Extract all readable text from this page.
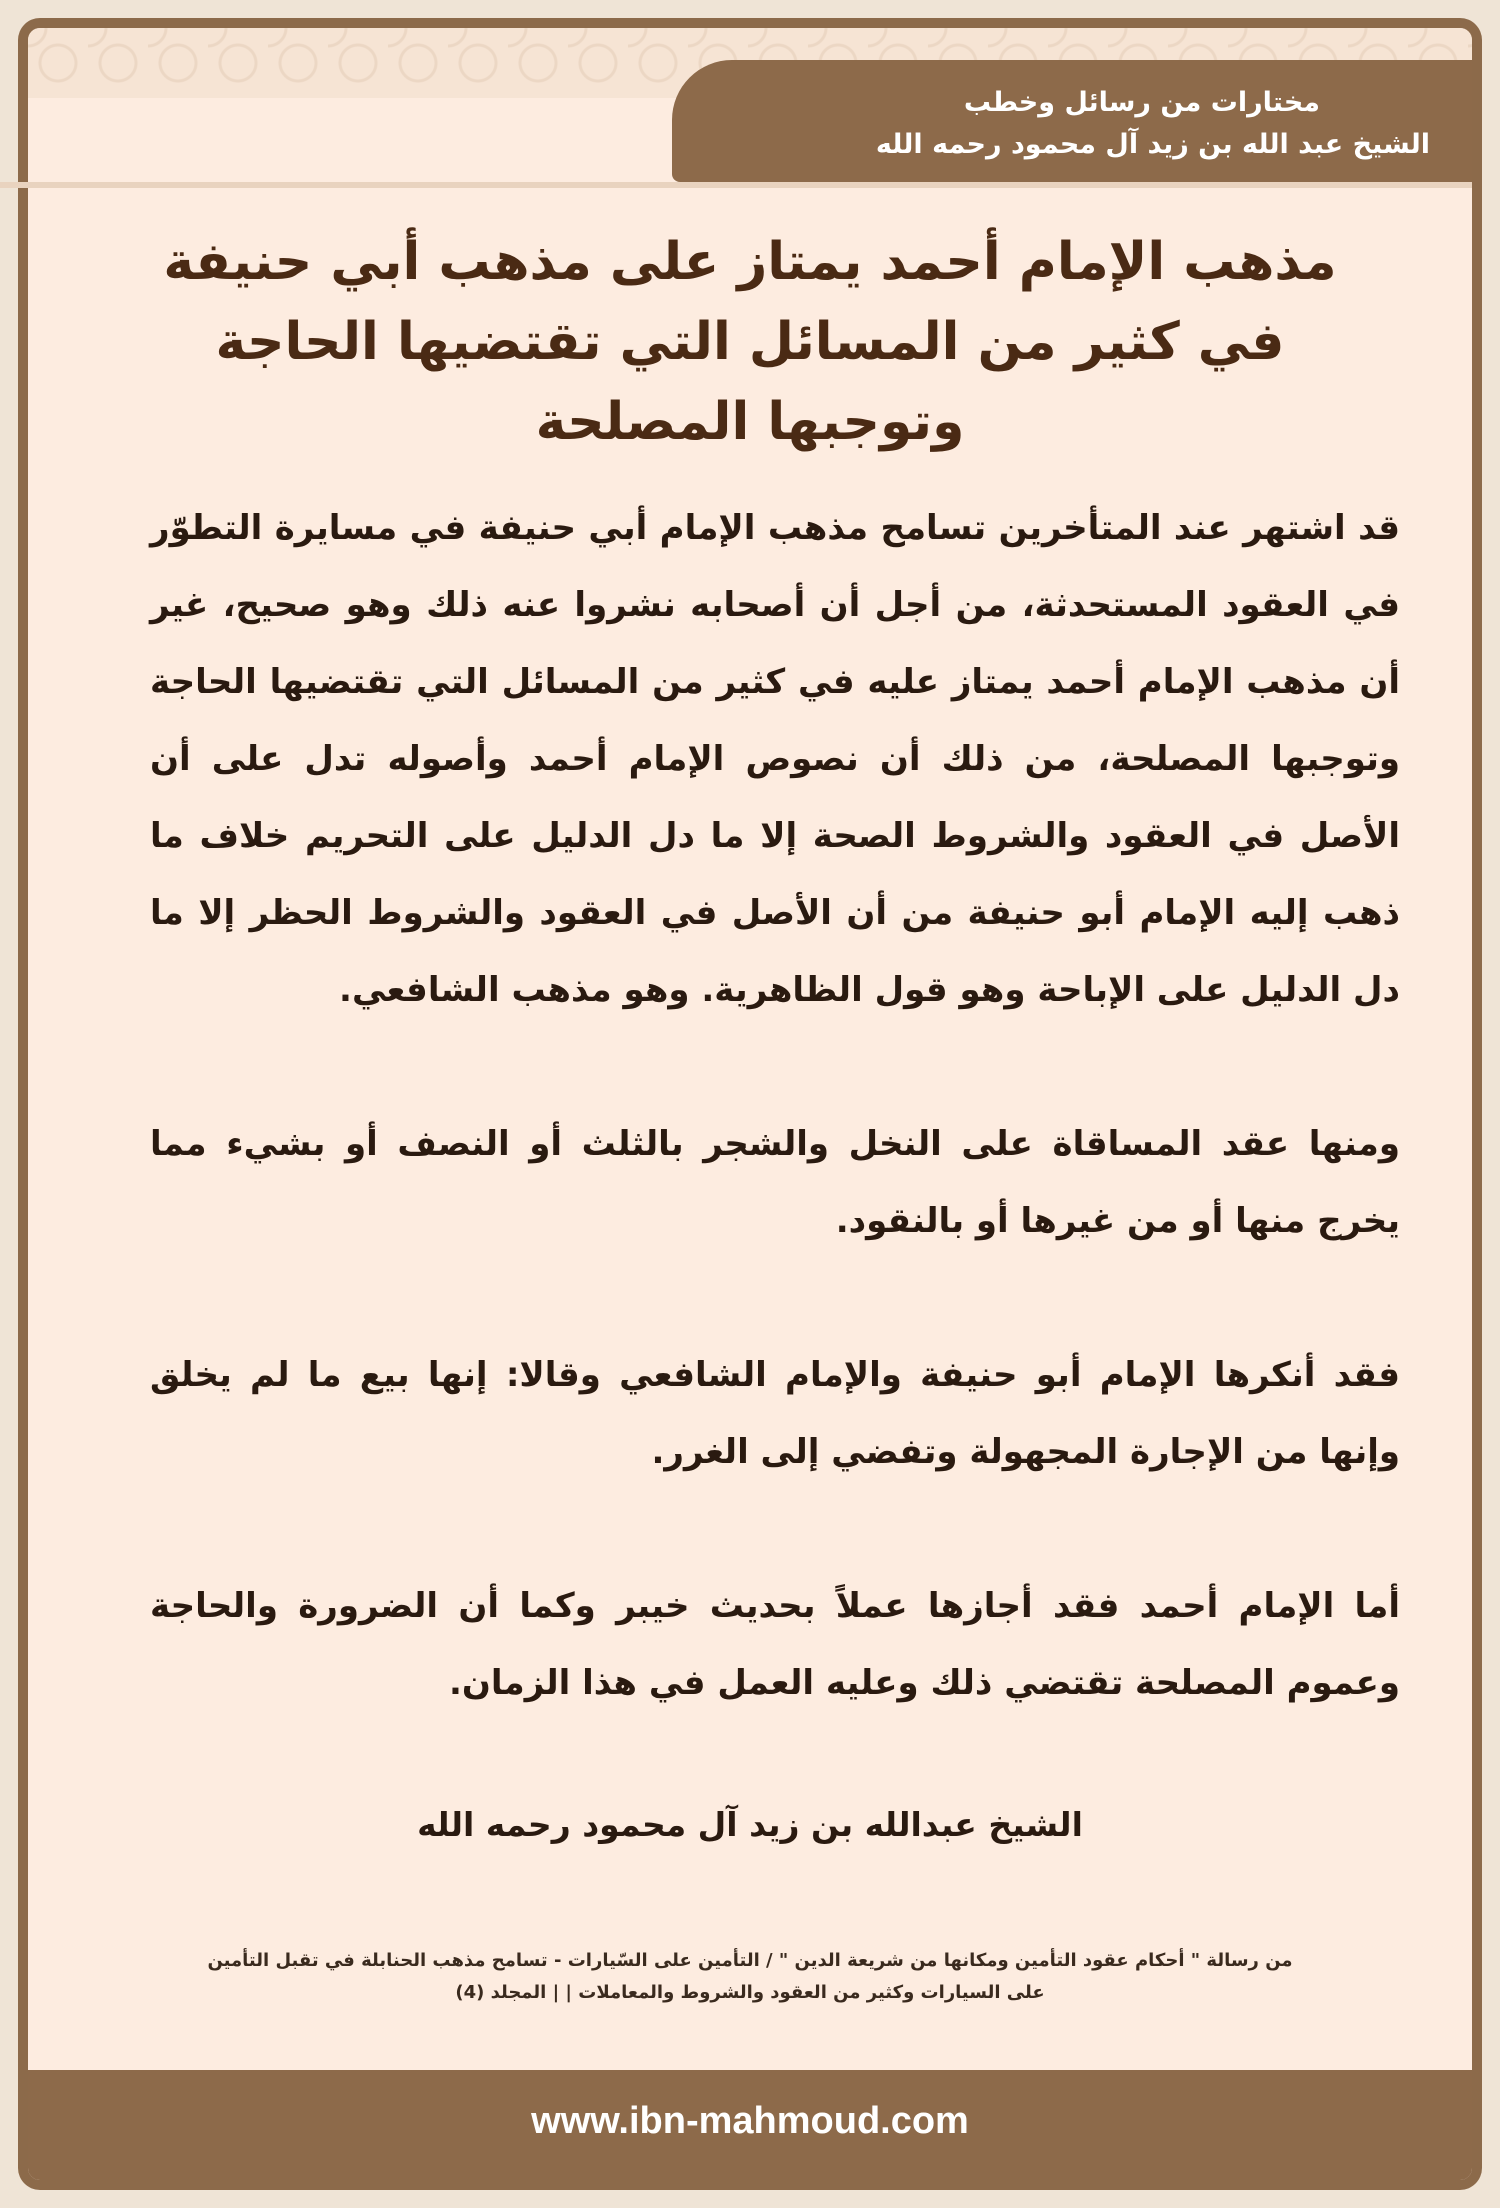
مختارات من رسائل وخطب
الشيخ عبد الله بن زيد آل محمود رحمه الله
مذهب الإمام أحمد يمتاز على مذهب أبي حنيفة في كثير من المسائل التي تقتضيها الحاجة وتوجبها المصلحة

قد اشتهر عند المتأخرين تسامح مذهب الإمام أبي حنيفة في مسايرة التطوّر في العقود المستحدثة، من أجل أن أصحابه نشروا عنه ذلك وهو صحيح، غير أن مذهب الإمام أحمد يمتاز عليه في كثير من المسائل التي تقتضيها الحاجة وتوجبها المصلحة، من ذلك أن نصوص الإمام أحمد وأصوله تدل على أن الأصل في العقود والشروط الصحة إلا ما دل الدليل على التحريم خلاف ما ذهب إليه الإمام أبو حنيفة من أن الأصل في العقود والشروط الحظر إلا ما دل الدليل على الإباحة وهو قول الظاهرية. وهو مذهب الشافعي.

ومنها عقد المساقاة على النخل والشجر بالثلث أو النصف أو بشيء مما يخرج منها أو من غيرها أو بالنقود.

فقد أنكرها الإمام أبو حنيفة والإمام الشافعي وقالا: إنها بيع ما لم يخلق وإنها من الإجارة المجهولة وتفضي إلى الغرر.

أما الإمام أحمد فقد أجازها عملاً بحديث خيبر وكما أن الضرورة والحاجة وعموم المصلحة تقتضي ذلك وعليه العمل في هذا الزمان.

الشيخ عبدالله بن زيد آل محمود رحمه الله
من رسالة " أحكام عقود التأمين ومكانها من شريعة الدين " / التأمين على السّيارات - تسامح مذهب الحنابلة في تقبل التأمين
على السيارات وكثير من العقود والشروط والمعاملات | | المجلد (4)
www.ibn-mahmoud.com
